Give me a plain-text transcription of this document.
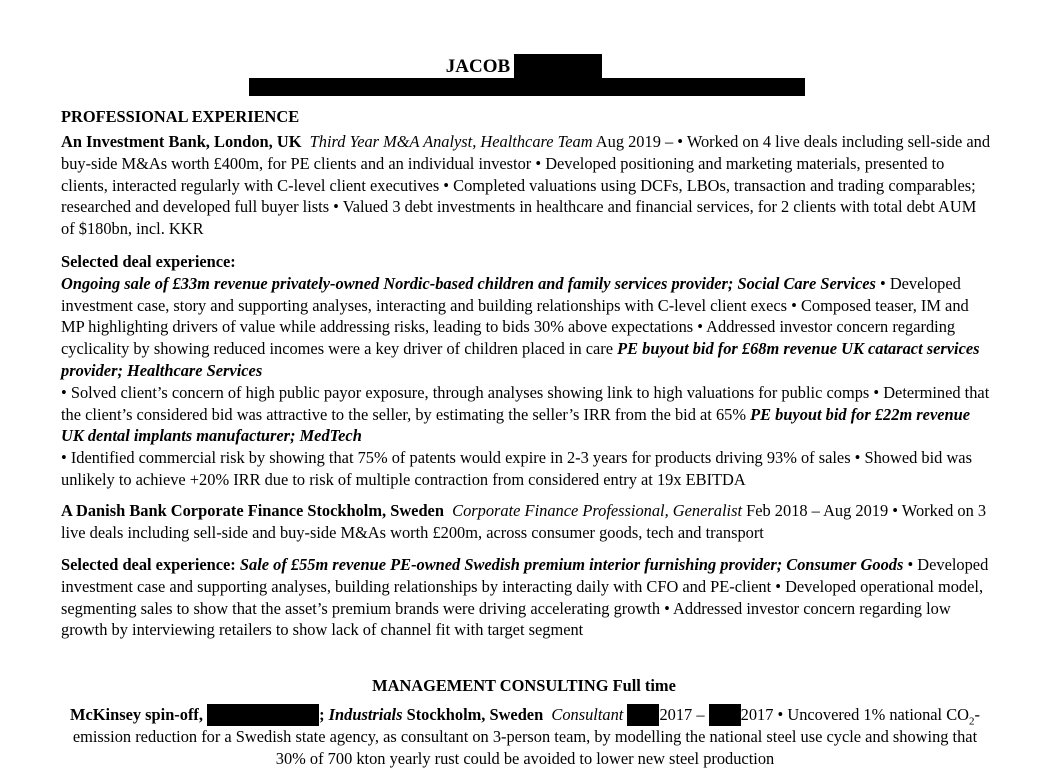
JACOB
PROFESSIONAL EXPERIENCE
An Investment Bank, London, UK Third Year M&A Analyst, Healthcare Team Aug 2019 – • Worked on 4 live deals including sell-side and buy-side M&As worth £400m, for PE clients and an individual investor • Developed positioning and marketing materials, presented to clients, interacted regularly with C-level client executives • Completed valuations using DCFs, LBOs, transaction and trading comparables; researched and developed full buyer lists • Valued 3 debt investments in healthcare and financial services, for 2 clients with total debt AUM of $180bn, incl. KKR
Selected deal experience:
Ongoing sale of £33m revenue privately-owned Nordic-based children and family services provider; Social Care Services • Developed investment case, story and supporting analyses, interacting and building relationships with C-level client execs • Composed teaser, IM and MP highlighting drivers of value while addressing risks, leading to bids 30% above expectations • Addressed investor concern regarding cyclicality by showing reduced incomes were a key driver of children placed in care PE buyout bid for £68m revenue UK cataract services provider; Healthcare Services
• Solved client’s concern of high public payor exposure, through analyses showing link to high valuations for public comps • Determined that the client’s considered bid was attractive to the seller, by estimating the seller’s IRR from the bid at 65% PE buyout bid for £22m revenue UK dental implants manufacturer; MedTech
• Identified commercial risk by showing that 75% of patents would expire in 2-3 years for products driving 93% of sales • Showed bid was unlikely to achieve +20% IRR due to risk of multiple contraction from considered entry at 19x EBITDA
A Danish Bank Corporate Finance Stockholm, Sweden Corporate Finance Professional, Generalist Feb 2018 – Aug 2019 • Worked on 3 live deals including sell-side and buy-side M&As worth £200m, across consumer goods, tech and transport
Selected deal experience: Sale of £55m revenue PE-owned Swedish premium interior furnishing provider; Consumer Goods • Developed investment case and supporting analyses, building relationships by interacting daily with CFO and PE-client • Developed operational model, segmenting sales to show that the asset’s premium brands were driving accelerating growth • Addressed investor concern regarding low growth by interviewing retailers to show lack of channel fit with target segment
MANAGEMENT CONSULTING Full time
McKinsey spin-off,	; Industrials Stockholm, Sweden Consultant 2017 – 2017 • Uncovered 1% national $CO_2$-emission reduction for a Swedish state agency, as consultant on 3-person team, by modelling the national steel use cycle and showing that 30% of 700 kton yearly rust could be avoided to lower new steel production
